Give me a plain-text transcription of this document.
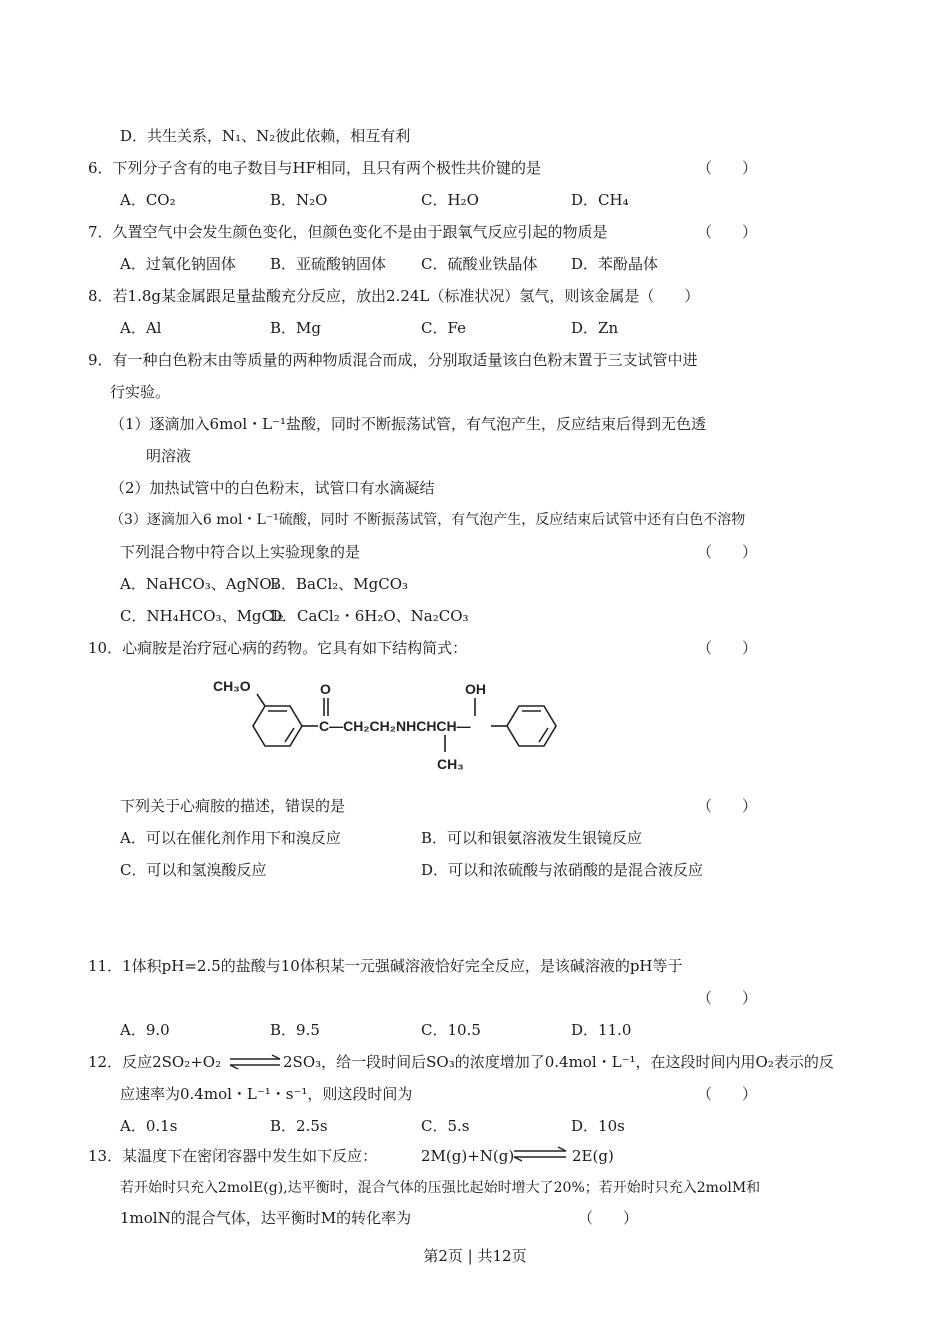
D．共生关系，N₁、N₂彼此依赖，相互有利
6．下列分子含有的电子数目与HF相同，且只有两个极性共价键的是	（　　）
A．CO₂	B．N₂O	C．H₂O	D．CH₄
7．久置空气中会发生颜色变化，但颜色变化不是由于跟氧气反应引起的物质是	（　　）
A．过氧化钠固体 B．亚硫酸钠固体 C．硫酸业铁晶体 D．苯酚晶体
8．若1.8g某金属跟足量盐酸充分反应，放出2.24L（标准状况）氢气，则该金属是（　　）
A．Al	B．Mg	C．Fe	D．Zn
9．有一种白色粉末由等质量的两种物质混合而成，分别取适量该白色粉末置于三支试管中进
行实验。
（1）逐滴加入6mol・L⁻¹盐酸，同时不断振荡试管，有气泡产生，反应结束后得到无色透
明溶液
（2）加热试管中的白色粉末，试管口有水滴凝结
（3）逐滴加入6 mol・L⁻¹硫酸，同时 不断振荡试管，有气泡产生，反应结束后试管中还有白色不溶物
下列混合物中符合以上实验现象的是	（　　）
A．NaHCO₃、AgNO₃
B．BaCl₂、MgCO₃
C．NH₄HCO₃、MgCl₂
D．CaCl₂・6H₂O、Na₂CO₃
10．心痌胺是治疗冠心病的药物。它具有如下结构简式：	（　　）
CH₃O	O	OH
C—CH₂CH₂NHCHCH—
CH₃
下列关于心痌胺的描述，错误的是	（　　）
A．可以在催化剂作用下和溴反应	B．可以和银氨溶液发生银镜反应
C．可以和氢溴酸反应	D．可以和浓硫酸与浓硝酸的是混合液反应
11．1体积pH=2.5的盐酸与10体积某一元强碱溶液恰好完全反应，是该碱溶液的pH等于
（　　）
A．9.0	B．9.5	C．10.5	D．11.0
12．反应2SO₂+O₂ ⇌ 2SO₃，给一段时间后SO₃的浓度增加了0.4mol・L⁻¹，在这段时间内用O₂表示的反
应速率为0.4mol・L⁻¹・s⁻¹，则这段时间为	（　　）
A．0.1s	B．2.5s	C．5.s	D．10s
13．某温度下在密闭容器中发生如下反应：	2M(g)+N(g) ⇌ 2E(g)
若开始时只充入2molE(g),达平衡时，混合气体的压强比起始时增大了20%；若开始时只充入2molM和
1molN的混合气体，达平衡时M的转化率为	（　　）
第2页 | 共12页
